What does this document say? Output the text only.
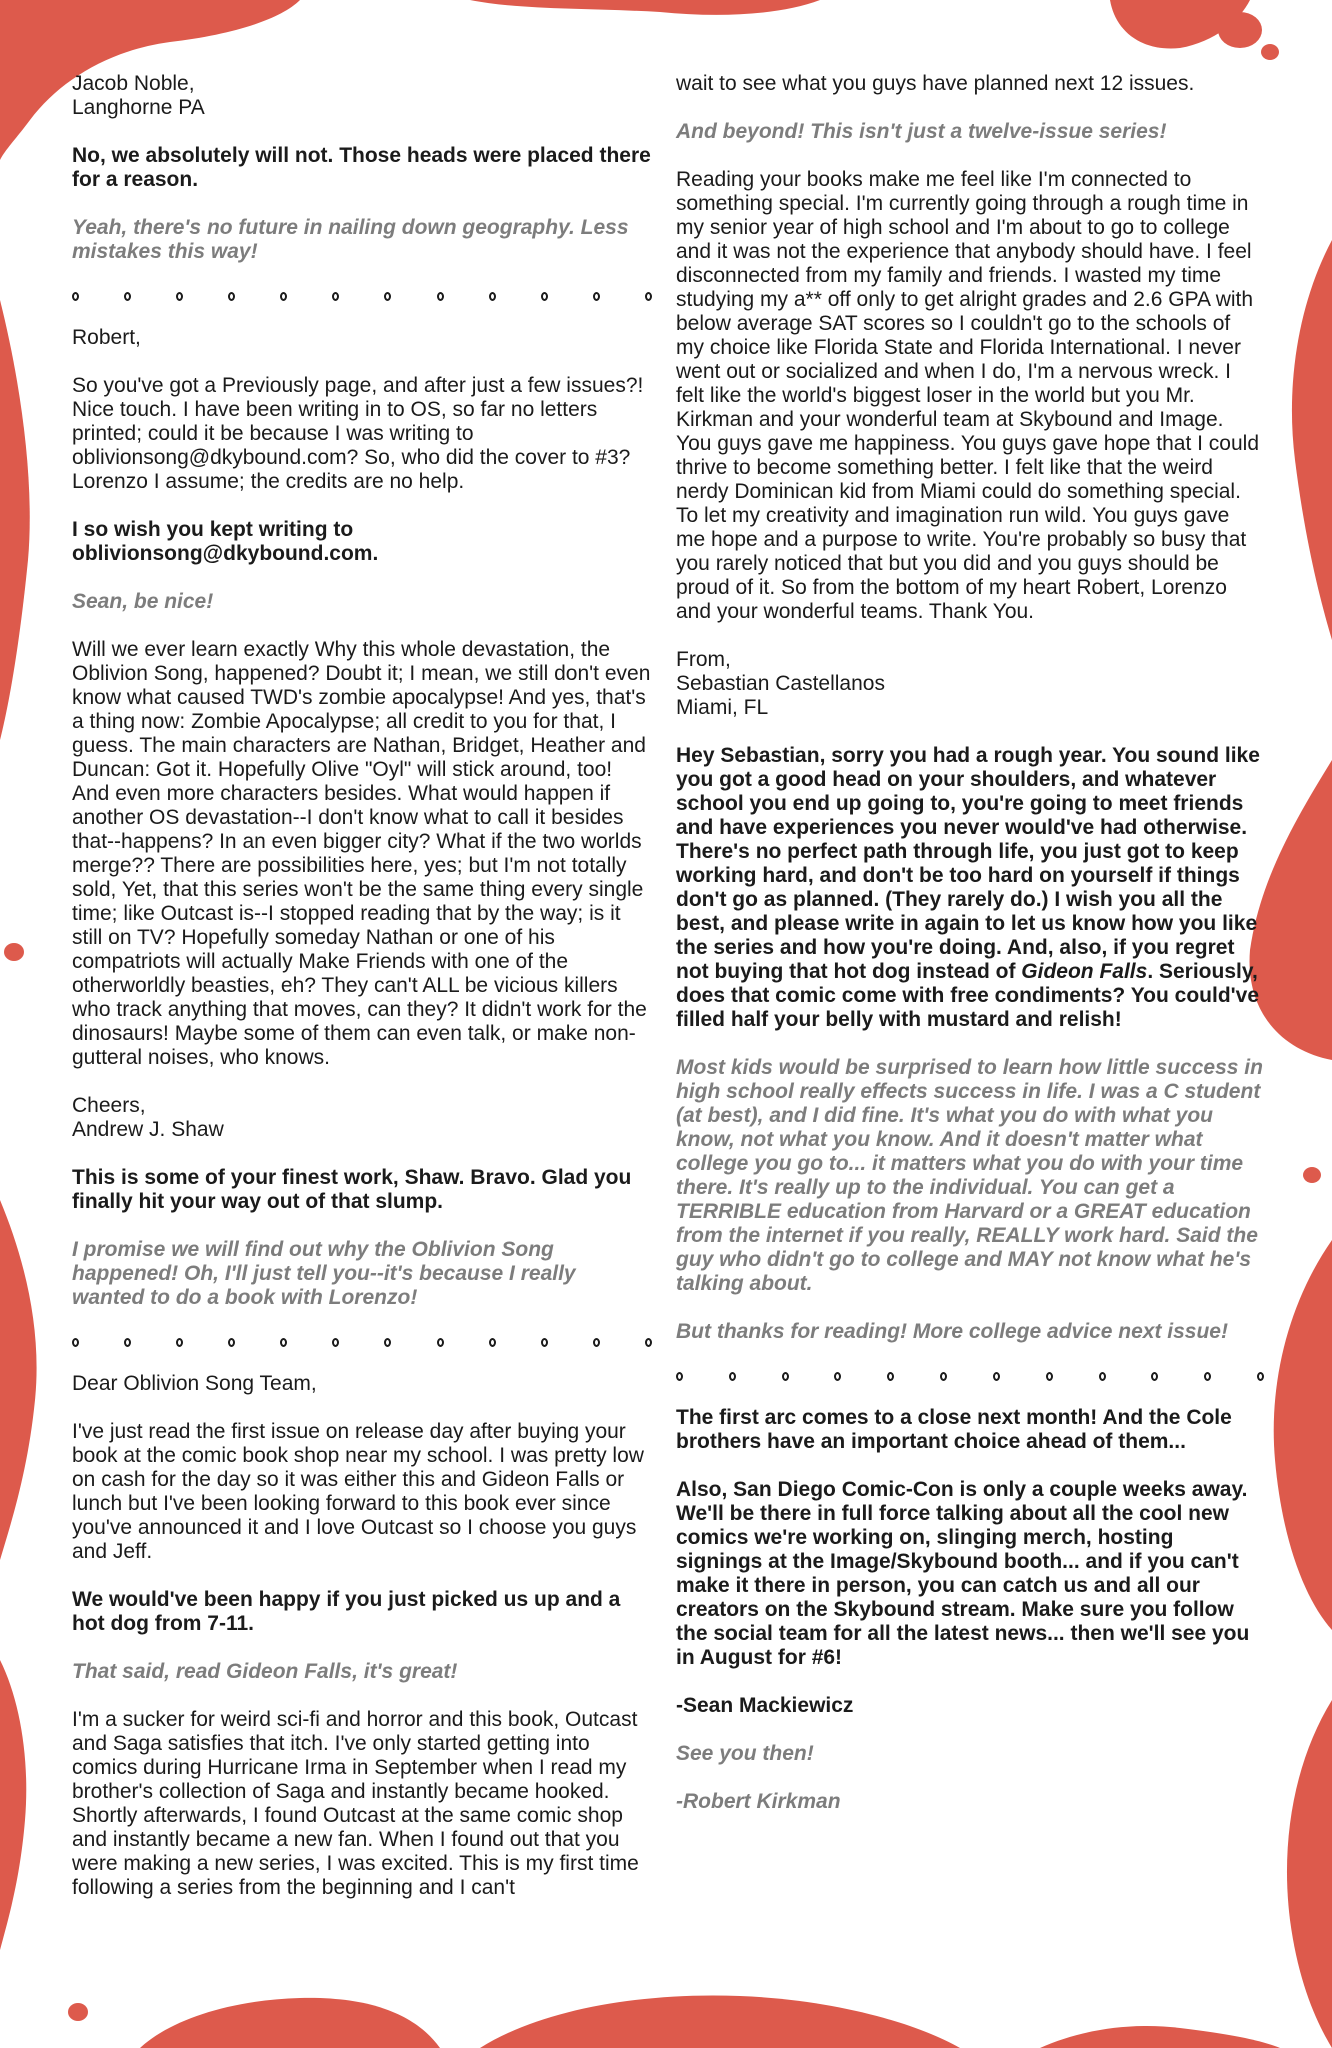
Jacob Noble,
Langhorne PA

No, we absolutely will not. Those heads were placed there for a reason.

Yeah, there's no future in nailing down geography. Less mistakes this way!

Robert,

So you've got a Previously page, and after just a few issues?! Nice touch. I have been writing in to OS, so far no letters printed; could it be because I was writing to oblivionsong@dkybound.com? So, who did the cover to #3? Lorenzo I assume; the credits are no help.

I so wish you kept writing to oblivionsong@dkybound.com.

Sean, be nice!

Will we ever learn exactly Why this whole devastation, the Oblivion Song, happened? Doubt it; I mean, we still don't even know what caused TWD's zombie apocalypse! And yes, that's a thing now: Zombie Apocalypse; all credit to you for that, I guess. The main characters are Nathan, Bridget, Heather and Duncan: Got it. Hopefully Olive "Oyl" will stick around, too! And even more characters besides. What would happen if another OS devastation--I don't know what to call it besides that--happens? In an even bigger city? What if the two worlds merge?? There are possibilities here, yes; but I'm not totally sold, Yet, that this series won't be the same thing every single time; like Outcast is--I stopped reading that by the way; is it still on TV? Hopefully someday Nathan or one of his compatriots will actually Make Friends with one of the otherworldly beasties, eh? They can't ALL be vicious killers who track anything that moves, can they? It didn't work for the dinosaurs! Maybe some of them can even talk, or make non-gutteral noises, who knows.

Cheers,
Andrew J. Shaw

This is some of your finest work, Shaw. Bravo. Glad you finally hit your way out of that slump.

I promise we will find out why the Oblivion Song happened! Oh, I'll just tell you--it's because I really wanted to do a book with Lorenzo!

Dear Oblivion Song Team,

I've just read the first issue on release day after buying your book at the comic book shop near my school. I was pretty low on cash for the day so it was either this and Gideon Falls or lunch but I've been looking forward to this book ever since you've announced it and I love Outcast so I choose you guys and Jeff.

We would've been happy if you just picked us up and a hot dog from 7-11.

That said, read Gideon Falls, it's great!

I'm a sucker for weird sci-fi and horror and this book, Outcast and Saga satisfies that itch. I've only started getting into comics during Hurricane Irma in September when I read my brother's collection of Saga and instantly became hooked. Shortly afterwards, I found Outcast at the same comic shop and instantly became a new fan. When I found out that you were making a new series, I was excited. This is my first time following a series from the beginning and I can't

wait to see what you guys have planned next 12 issues.

And beyond! This isn't just a twelve-issue series!

Reading your books make me feel like I'm connected to something special. I'm currently going through a rough time in my senior year of high school and I'm about to go to college and it was not the experience that anybody should have. I feel disconnected from my family and friends. I wasted my time studying my a** off only to get alright grades and 2.6 GPA with below average SAT scores so I couldn't go to the schools of my choice like Florida State and Florida International. I never went out or socialized and when I do, I'm a nervous wreck. I felt like the world's biggest loser in the world but you Mr. Kirkman and your wonderful team at Skybound and Image. You guys gave me happiness. You guys gave hope that I could thrive to become something better. I felt like that the weird nerdy Dominican kid from Miami could do something special. To let my creativity and imagination run wild. You guys gave me hope and a purpose to write. You're probably so busy that you rarely noticed that but you did and you guys should be proud of it. So from the bottom of my heart Robert, Lorenzo and your wonderful teams. Thank You.

From,
Sebastian Castellanos
Miami, FL

Hey Sebastian, sorry you had a rough year. You sound like you got a good head on your shoulders, and whatever school you end up going to, you're going to meet friends and have experiences you never would've had otherwise. There's no perfect path through life, you just got to keep working hard, and don't be too hard on yourself if things don't go as planned. (They rarely do.) I wish you all the best, and please write in again to let us know how you like the series and how you're doing. And, also, if you regret not buying that hot dog instead of Gideon Falls. Seriously, does that comic come with free condiments? You could've filled half your belly with mustard and relish!

Most kids would be surprised to learn how little success in high school really effects success in life. I was a C student (at best), and I did fine. It's what you do with what you know, not what you know. And it doesn't matter what college you go to... it matters what you do with your time there. It's really up to the individual. You can get a TERRIBLE education from Harvard or a GREAT education from the internet if you really, REALLY work hard. Said the guy who didn't go to college and MAY not know what he's talking about.

But thanks for reading! More college advice next issue!

The first arc comes to a close next month! And the Cole brothers have an important choice ahead of them...

Also, San Diego Comic-Con is only a couple weeks away. We'll be there in full force talking about all the cool new comics we're working on, slinging merch, hosting signings at the Image/Skybound booth... and if you can't make it there in person, you can catch us and all our creators on the Skybound stream. Make sure you follow the social team for all the latest news... then we'll see you in August for #6!

-Sean Mackiewicz

See you then!

-Robert Kirkman
